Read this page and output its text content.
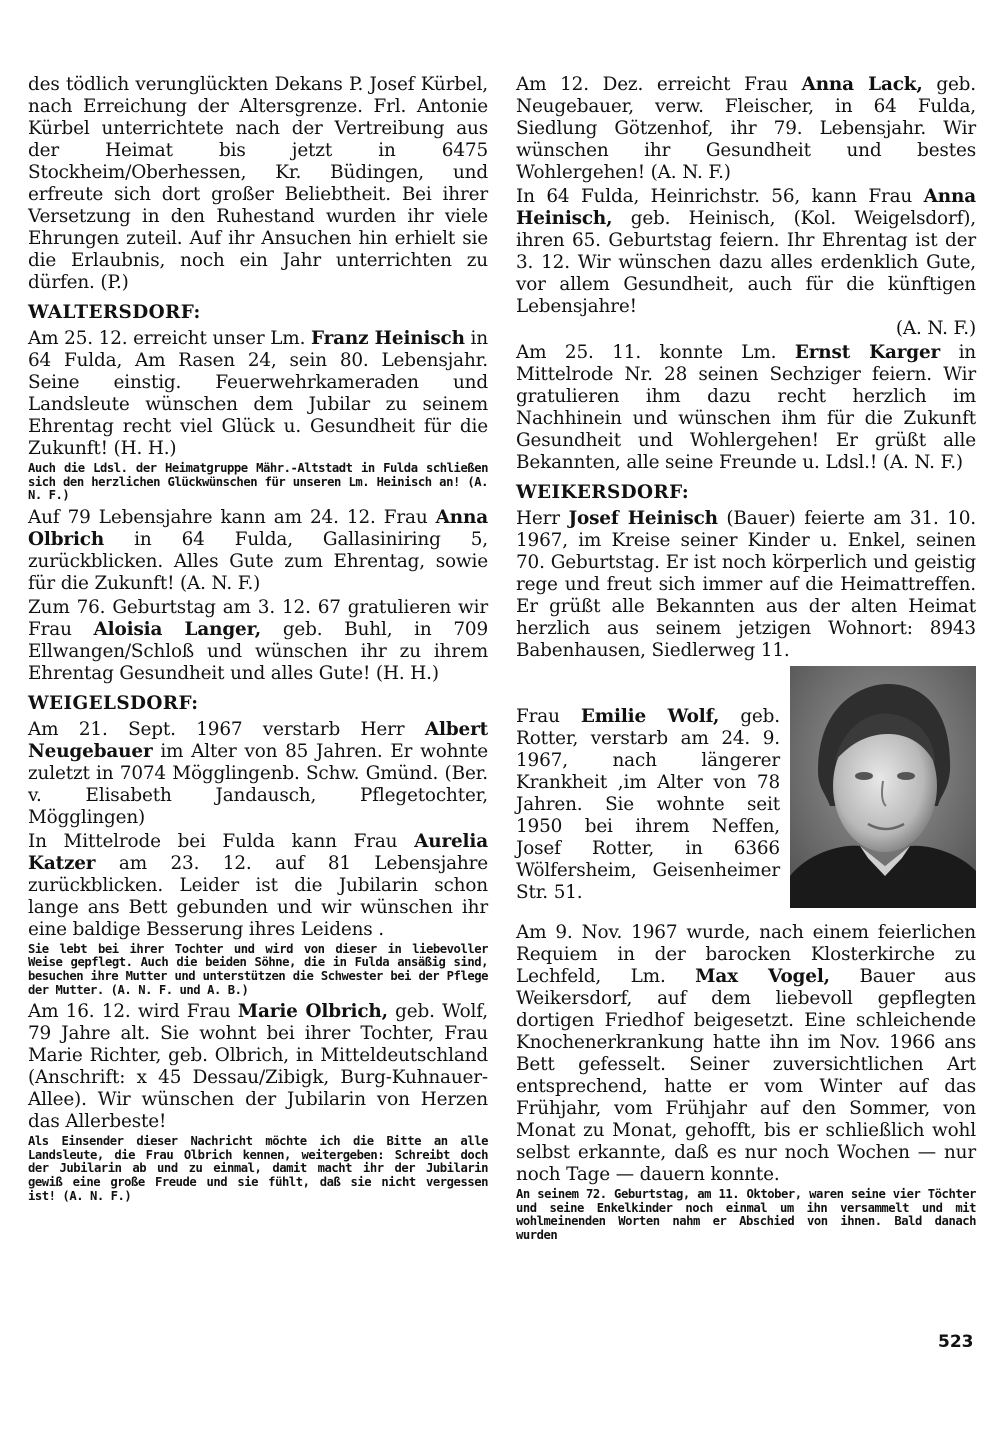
des tödlich verunglückten Dekans P. Josef Kürbel, nach Erreichung der Altersgrenze. Frl. Antonie Kürbel unterrichtete nach der Vertreibung aus der Heimat bis jetzt in 6475 Stockheim/Oberhessen, Kr. Büdingen, und erfreute sich dort großer Beliebtheit. Bei ihrer Versetzung in den Ruhestand wurden ihr viele Ehrungen zuteil. Auf ihr Ansuchen hin erhielt sie die Erlaubnis, noch ein Jahr unterrichten zu dürfen. (P.)

WALTERSDORF:

Am 25. 12. erreicht unser Lm. Franz Heinisch in 64 Fulda, Am Rasen 24, sein 80. Lebensjahr. Seine einstig. Feuerwehrkameraden und Landsleute wünschen dem Jubilar zu seinem Ehrentag recht viel Glück u. Gesundheit für die Zukunft! (H. H.)

Auch die Ldsl. der Heimatgruppe Mähr.-Altstadt in Fulda schließen sich den herzlichen Glückwünschen für unseren Lm. Heinisch an! (A. N. F.)

Auf 79 Lebensjahre kann am 24. 12. Frau Anna Olbrich in 64 Fulda, Gallasiniring 5, zurückblicken. Alles Gute zum Ehrentag, sowie für die Zukunft! (A. N. F.)

Zum 76. Geburtstag am 3. 12. 67 gratulieren wir Frau Aloisia Langer, geb. Buhl, in 709 Ellwangen/Schloß und wünschen ihr zu ihrem Ehrentag Gesundheit und alles Gute! (H. H.)

WEIGELSDORF:

Am 21. Sept. 1967 verstarb Herr Albert Neugebauer im Alter von 85 Jahren. Er wohnte zuletzt in 7074 Mögglingenb. Schw. Gmünd. (Ber. v. Elisabeth Jandausch, Pflegetochter, Mögglingen)

In Mittelrode bei Fulda kann Frau Aurelia Katzer am 23. 12. auf 81 Lebensjahre zurückblicken. Leider ist die Jubilarin schon lange ans Bett gebunden und wir wünschen ihr eine baldige Besserung ihres Leidens .

Sie lebt bei ihrer Tochter und wird von dieser in liebevoller Weise gepflegt. Auch die beiden Söhne, die in Fulda ansäßig sind, besuchen ihre Mutter und unterstützen die Schwester bei der Pflege der Mutter. (A. N. F. und A. B.)

Am 16. 12. wird Frau Marie Olbrich, geb. Wolf, 79 Jahre alt. Sie wohnt bei ihrer Tochter, Frau Marie Richter, geb. Olbrich, in Mitteldeutschland (Anschrift: x 45 Dessau/Zibigk, Burg-Kuhnauer-Allee). Wir wünschen der Jubilarin von Herzen das Allerbeste!

Als Einsender dieser Nachricht möchte ich die Bitte an alle Landsleute, die Frau Olbrich kennen, weitergeben: Schreibt doch der Jubilarin ab und zu einmal, damit macht ihr der Jubilarin gewiß eine große Freude und sie fühlt, daß sie nicht vergessen ist! (A. N. F.)

Am 12. Dez. erreicht Frau Anna Lack, geb. Neugebauer, verw. Fleischer, in 64 Fulda, Siedlung Götzenhof, ihr 79. Lebensjahr. Wir wünschen ihr Gesundheit und bestes Wohlergehen! (A. N. F.)

In 64 Fulda, Heinrichstr. 56, kann Frau Anna Heinisch, geb. Heinisch, (Kol. Weigelsdorf), ihren 65. Geburtstag feiern. Ihr Ehrentag ist der 3. 12. Wir wünschen dazu alles erdenklich Gute, vor allem Gesundheit, auch für die künftigen Lebensjahre!
(A. N. F.)

Am 25. 11. konnte Lm. Ernst Karger in Mittelrode Nr. 28 seinen Sechziger feiern. Wir gratulieren ihm dazu recht herzlich im Nachhinein und wünschen ihm für die Zukunft Gesundheit und Wohlergehen! Er grüßt alle Bekannten, alle seine Freunde u. Ldsl.! (A. N. F.)

WEIKERSDORF:

Herr Josef Heinisch (Bauer) feierte am 31. 10. 1967, im Kreise seiner Kinder u. Enkel, seinen 70. Geburtstag. Er ist noch körperlich und geistig rege und freut sich immer auf die Heimattreffen. Er grüßt alle Bekannten aus der alten Heimat herzlich aus seinem jetzigen Wohnort: 8943 Babenhausen, Siedlerweg 11.

Frau Emilie Wolf, geb. Rotter, verstarb am 24. 9. 1967, nach längerer Krankheit ,im Alter von 78 Jahren. Sie wohnte seit 1950 bei ihrem Neffen, Josef Rotter, in 6366 Wölfersheim, Geisenheimer Str. 51.

Am 9. Nov. 1967 wurde, nach einem feierlichen Requiem in der barocken Klosterkirche zu Lechfeld, Lm. Max Vogel, Bauer aus Weikersdorf, auf dem liebevoll gepflegten dortigen Friedhof beigesetzt. Eine schleichende Knochenerkrankung hatte ihn im Nov. 1966 ans Bett gefesselt. Seiner zuversichtlichen Art entsprechend, hatte er vom Winter auf das Frühjahr, vom Frühjahr auf den Sommer, von Monat zu Monat, gehofft, bis er schließlich wohl selbst erkannte, daß es nur noch Wochen — nur noch Tage — dauern konnte.

An seinem 72. Geburtstag, am 11. Oktober, waren seine vier Töchter und seine Enkelkinder noch einmal um ihn versammelt und mit wohlmeinenden Worten nahm er Abschied von ihnen. Bald danach wurden

523
